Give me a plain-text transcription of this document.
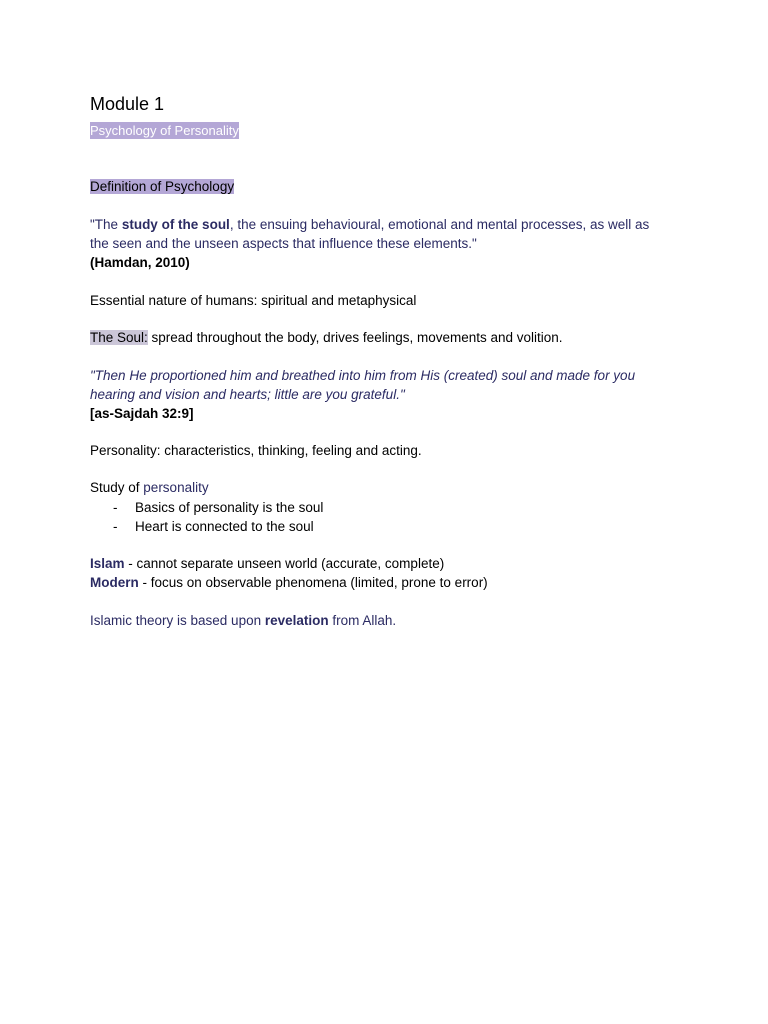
Module 1
Psychology of Personality
Definition of Psychology
"The study of the soul, the ensuing behavioural, emotional and mental processes, as well as
the seen and the unseen aspects that influence these elements."
(Hamdan, 2010)
Essential nature of humans: spiritual and metaphysical
The Soul: spread throughout the body, drives feelings, movements and volition.
"Then He proportioned him and breathed into him from His (created) soul and made for you
hearing and vision and hearts; little are you grateful."
[as-Sajdah 32:9]
Personality: characteristics, thinking, feeling and acting.
Study of personality
- Basics of personality is the soul
- Heart is connected to the soul
Islam - cannot separate unseen world (accurate, complete)
Modern - focus on observable phenomena (limited, prone to error)
Islamic theory is based upon revelation from Allah.
